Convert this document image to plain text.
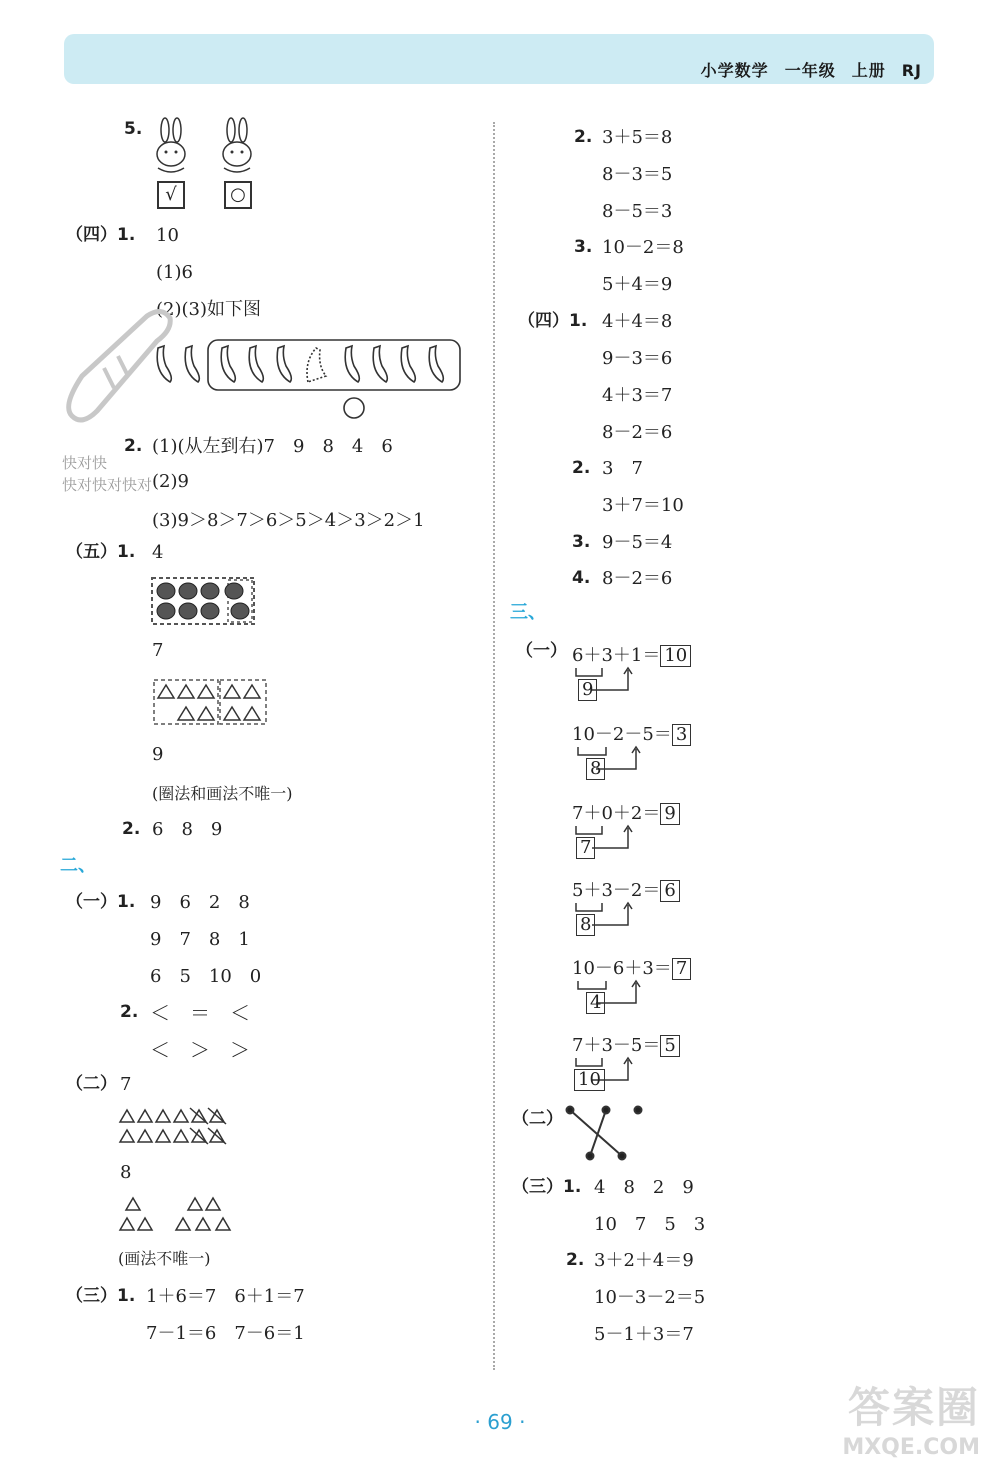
小学数学 一年级 上册 RJ
5.
√	○
（四）1. 10
(1)6
(2)(3)如下图
2. (1)(从左到右)7　9　8　4　6
快对快
快对快对快对 (2)9
(3)9＞8＞7＞6＞5＞4＞3＞2＞1
（五）1. 4
7
9
(圈法和画法不唯一)
2. 6　8　9
二、
（一）1. 9　6　2　8
9　7　8　1
6　5　10　0
2. ＜　＝　＜
＜　＞　＞
（二） 7
8
(画法不唯一)
（三）1. 1＋6＝7　6＋1＝7
7－1＝6　7－6＝1
2. 3＋5＝8
8－3＝5
8－5＝3
3. 10－2＝8
5＋4＝9
（四）1. 4＋4＝8
9－3＝6
4＋3＝7
8－2＝6
2. 3　7
3＋7＝10
3. 9－5＝4
4. 8－2＝6
三、
（一） 6＋3＋1＝ 10
9
10－2－5＝ 3
8
7＋0＋2＝ 9
7
5＋3－2＝ 6
8
10－6＋3＝ 7
4
7＋3－5＝ 5
10
（二）
（三）1. 4　8　2　9
10　7　5　3
2. 3＋2＋4＝9
10－3－2＝5
5－1＋3＝7
· 69 ·	答案圈
MXQE.COM
